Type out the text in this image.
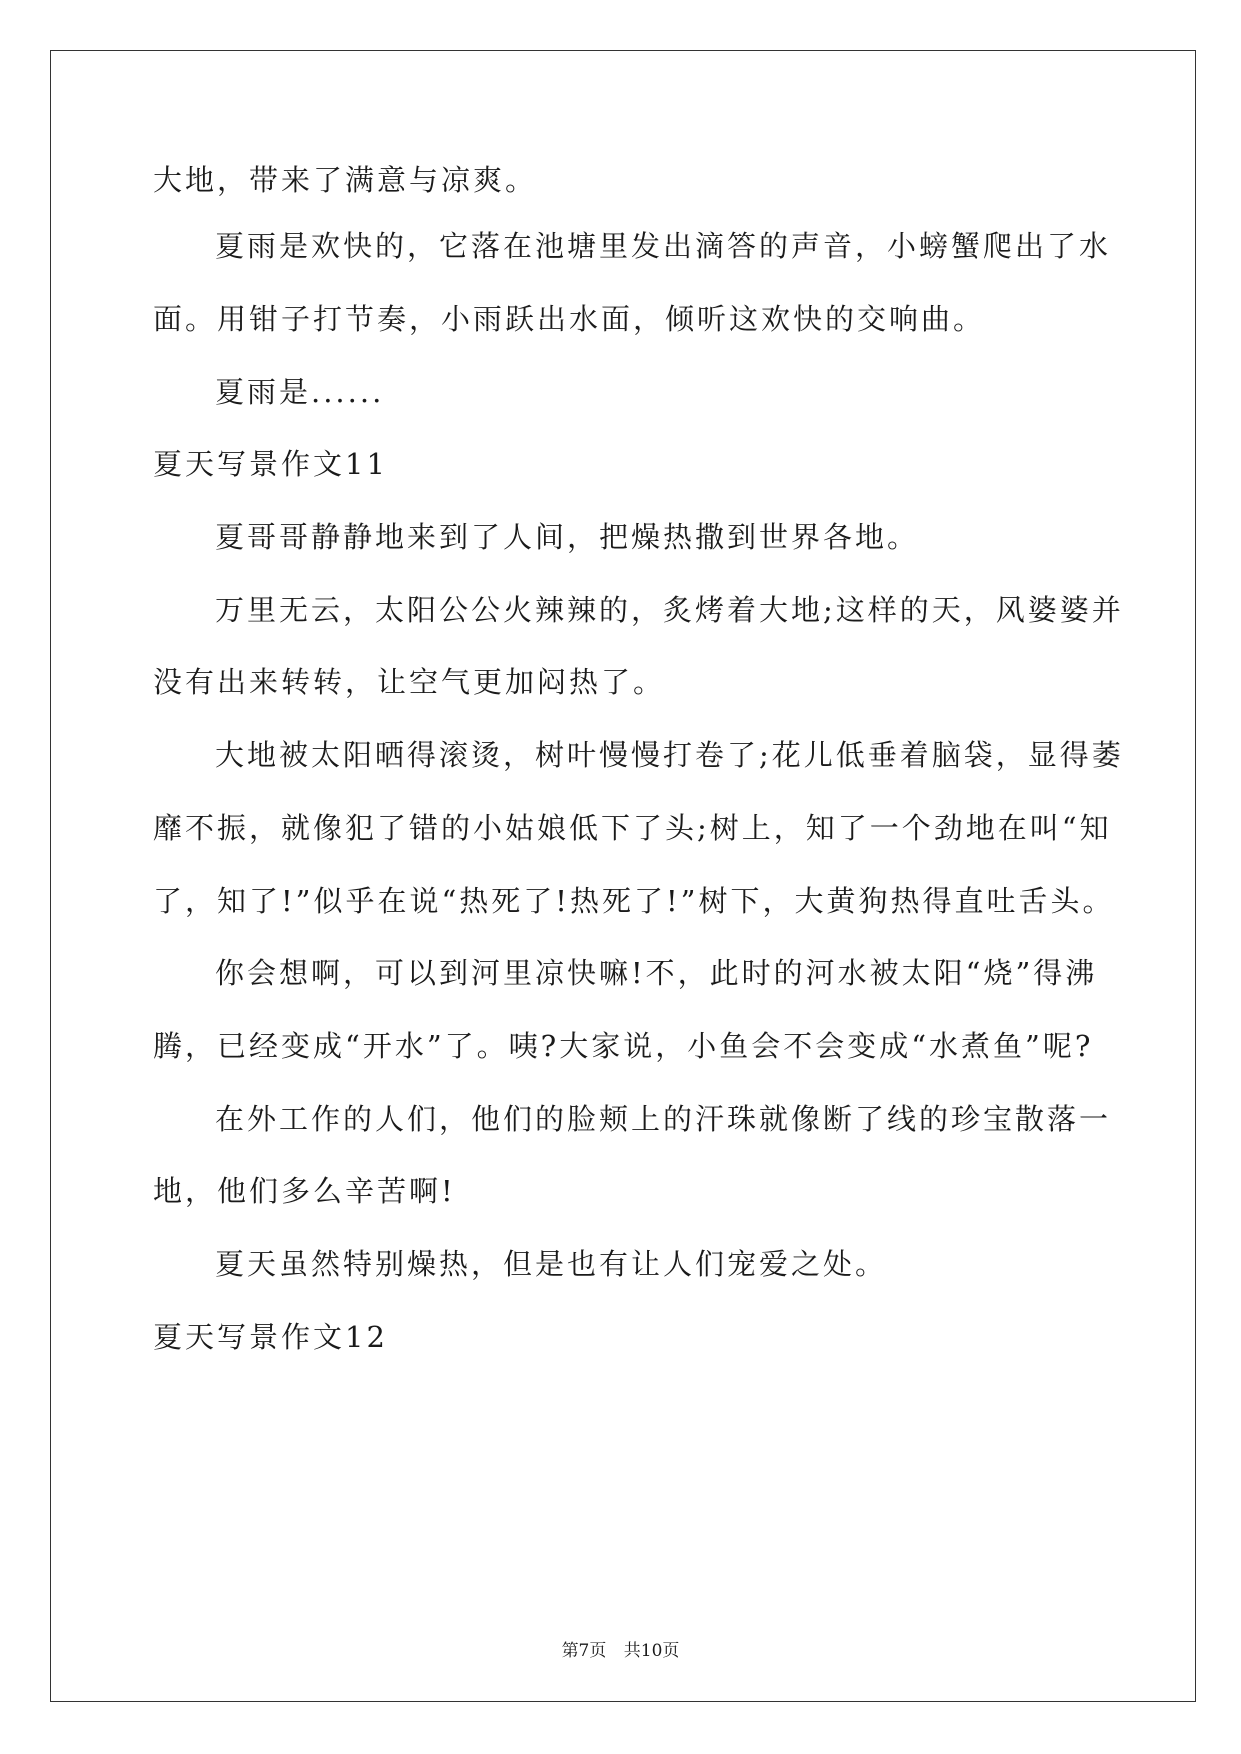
大地，带来了满意与凉爽。
夏雨是欢快的，它落在池塘里发出滴答的声音，小螃蟹爬出了水
面。用钳子打节奏，小雨跃出水面，倾听这欢快的交响曲。
夏雨是......
夏天写景作文11
夏哥哥静静地来到了人间，把燥热撒到世界各地。
万里无云，太阳公公火辣辣的，炙烤着大地;这样的天，风婆婆并
没有出来转转，让空气更加闷热了。
大地被太阳晒得滚烫，树叶慢慢打卷了;花儿低垂着脑袋，显得萎
靡不振，就像犯了错的小姑娘低下了头;树上，知了一个劲地在叫“知
了，知了!”似乎在说“热死了!热死了!”树下，大黄狗热得直吐舌头。
你会想啊，可以到河里凉快嘛!不，此时的河水被太阳“烧”得沸
腾，已经变成“开水”了。咦?大家说，小鱼会不会变成“水煮鱼”呢?
在外工作的人们，他们的脸颊上的汗珠就像断了线的珍宝散落一
地，他们多么辛苦啊!
夏天虽然特别燥热，但是也有让人们宠爱之处。
夏天写景作文12
第7页 共10页
